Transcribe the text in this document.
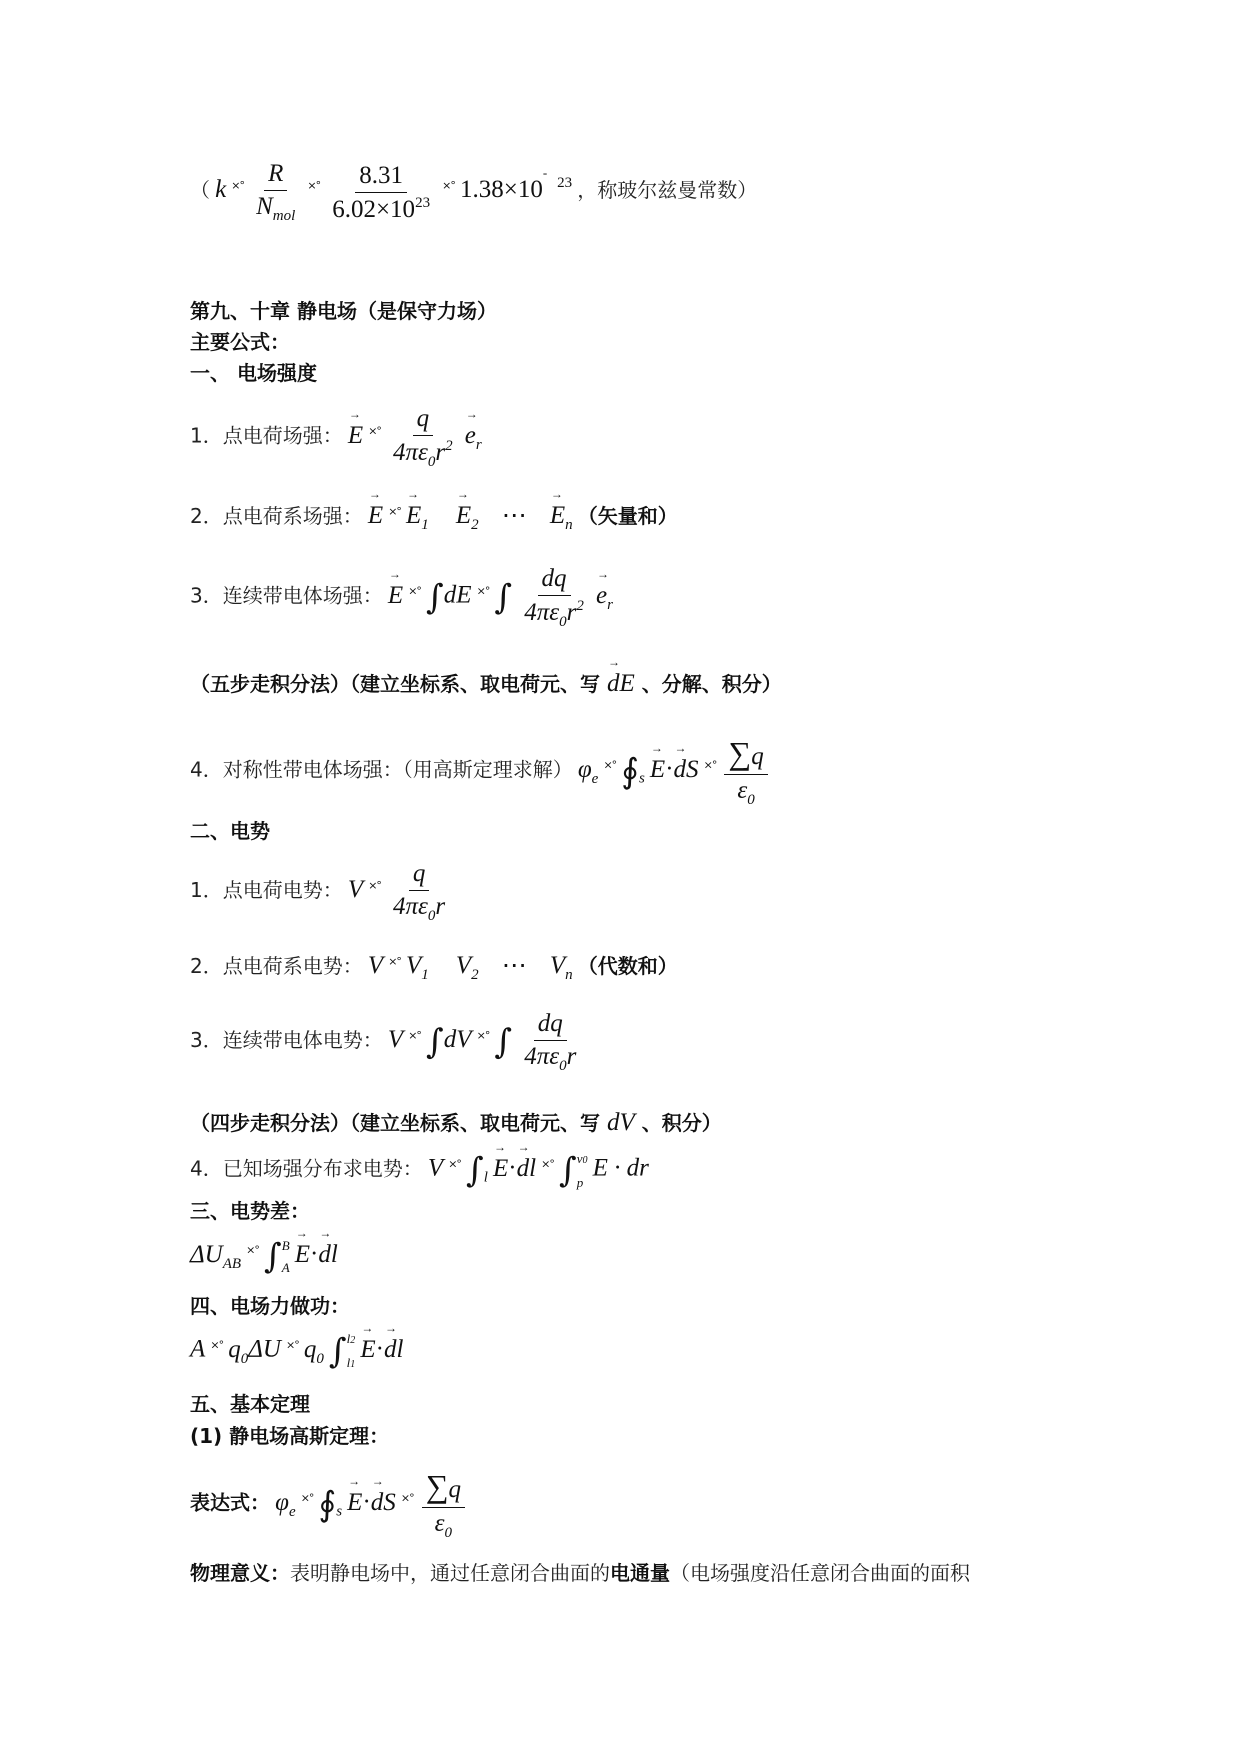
（ k $^{\times^\circ} \frac{R}{N_{mol}} ^{\times^\circ} \frac{8.31}{6.02\times 10^{23}} ^{\times^\circ}$ $1.38\times 10^{-23}$ ，称玻尔兹曼常数）
第九、十章 静电场（是保守力场）
主要公式：
一、 电场强度
1．点电荷场强： → E $^{\times^\circ} \frac{q}{4\pi\varepsilon_0r^2}$
→ $e_r$
2．点电荷系场强： → E $^{\times^\circ} \to E_1 \to E_2$ ⋯ → $E_n$ （矢量和）
3．连续带电体场强： → E ×° ∫dE ×° ∫ $\frac{dq}{4\pi\varepsilon_0r^2}$
→ $e_r$
（五步走积分法）（建立坐标系、取电荷元、写 → dE 、分解、积分）
4．对称性带电体场强：（用高斯定理求解） $\varphi_e$ ×° ∮s → E·→ dS $^{\times^\circ} \frac{\sum q}{\varepsilon_0}$
二、电势
1．点电荷电势： V $^{\times^\circ} \frac{q}{4\pi\varepsilon_0r}$
2．点电荷系电势： V ×° $V_1$ $V_2$ ⋯ $V_n$ （代数和）
3．连续带电体电势： V ×° ∫dV ×° ∫ $\frac{dq}{4\pi\varepsilon_0r}$
（四步走积分法）（建立坐标系、取电荷元、写 dV 、积分）
4．已知场强分布求电势： V ×° ∫l → E·→ dl ×° ∫ v0
p
E · dr
三、电势差：
$\Delta U_{AB}$ ×° ∫ B
A
→ E·→ dl
四、电场力做功：
A ×° $q_0\Delta U$ ×° $q_0$ ∫ l2
l1
→ E·→ dl
五、基本定理
(1) 静电场高斯定理：
表达式： $\varphi_e$ ×° ∮s → E·→ dS $^{\times^\circ} \frac{\sum q}{\varepsilon_0}$
物理意义：表明静电场中，通过任意闭合曲面的电通量（电场强度沿任意闭合曲面的面积
